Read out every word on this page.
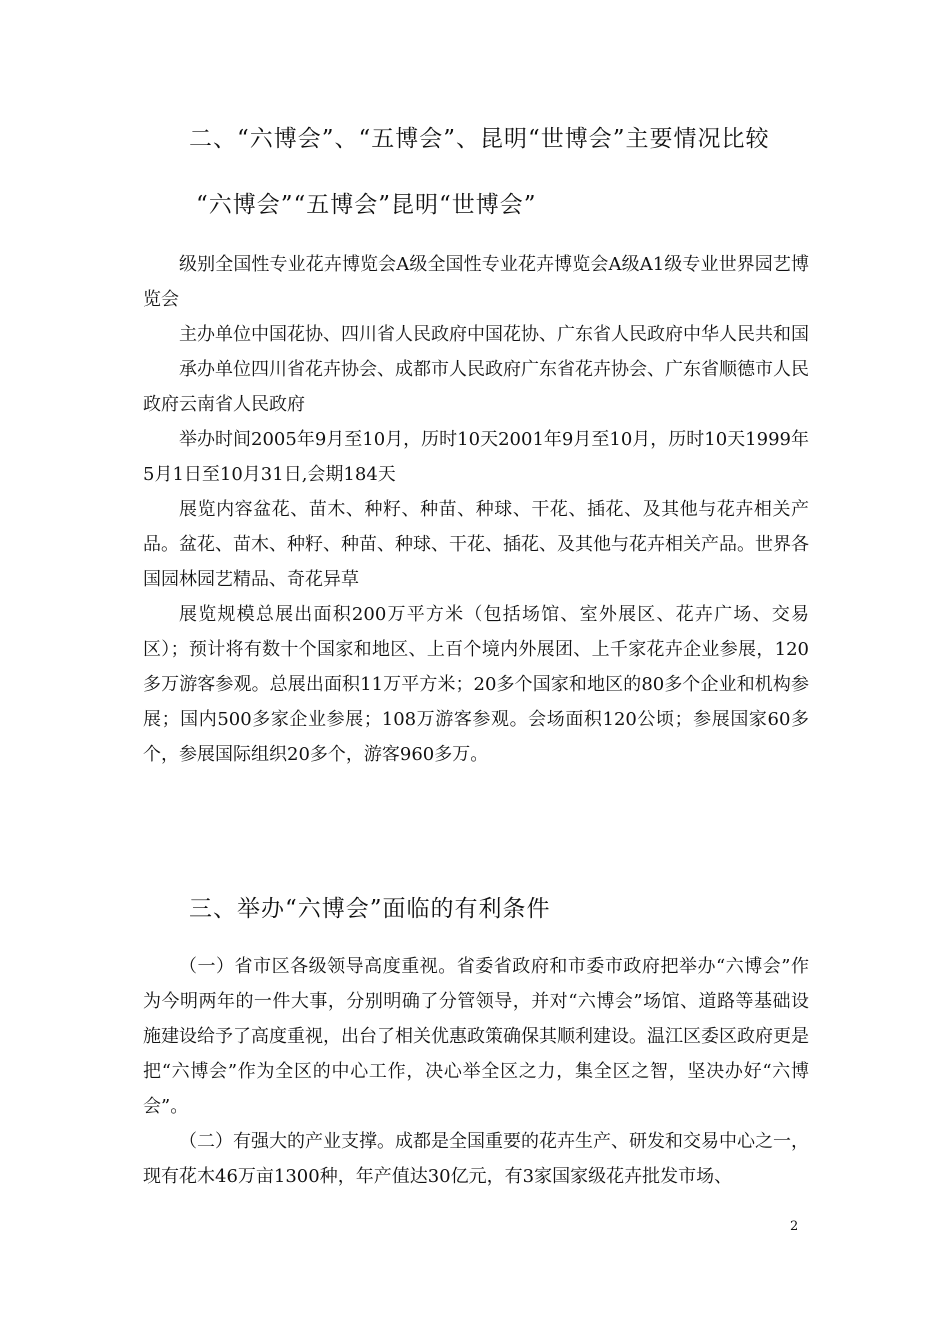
二、“六博会”、“五博会”、昆明“世博会”主要情况比较
“六博会”“五博会”昆明“世博会”

级别全国性专业花卉博览会A级全国性专业花卉博览会A级A1级专业世界园艺博览会

主办单位中国花协、四川省人民政府中国花协、广东省人民政府中华人民共和国

承办单位四川省花卉协会、成都市人民政府广东省花卉协会、广东省顺德市人民政府云南省人民政府

举办时间2005年9月至10月，历时10天2001年9月至10月，历时10天1999年5月1日至10月31日,会期184天

展览内容盆花、苗木、种籽、种苗、种球、干花、插花、及其他与花卉相关产品。盆花、苗木、种籽、种苗、种球、干花、插花、及其他与花卉相关产品。世界各国园林园艺精品、奇花异草

展览规模总展出面积200万平方米（包括场馆、室外展区、花卉广场、交易区）；预计将有数十个国家和地区、上百个境内外展团、上千家花卉企业参展，120多万游客参观。总展出面积11万平方米；20多个国家和地区的80多个企业和机构参展；国内500多家企业参展；108万游客参观。会场面积120公顷；参展国家60多个，参展国际组织20多个，游客960多万。

三、举办“六博会”面临的有利条件

（一）省市区各级领导高度重视。省委省政府和市委市政府把举办“六博会”作为今明两年的一件大事，分别明确了分管领导，并对“六博会”场馆、道路等基础设施建设给予了高度重视，出台了相关优惠政策确保其顺利建设。温江区委区政府更是把“六博会”作为全区的中心工作，决心举全区之力，集全区之智，坚决办好“六博会”。

（二）有强大的产业支撑。成都是全国重要的花卉生产、研发和交易中心之一，现有花木46万亩1300种，年产值达30亿元，有3家国家级花卉批发市场、

2
